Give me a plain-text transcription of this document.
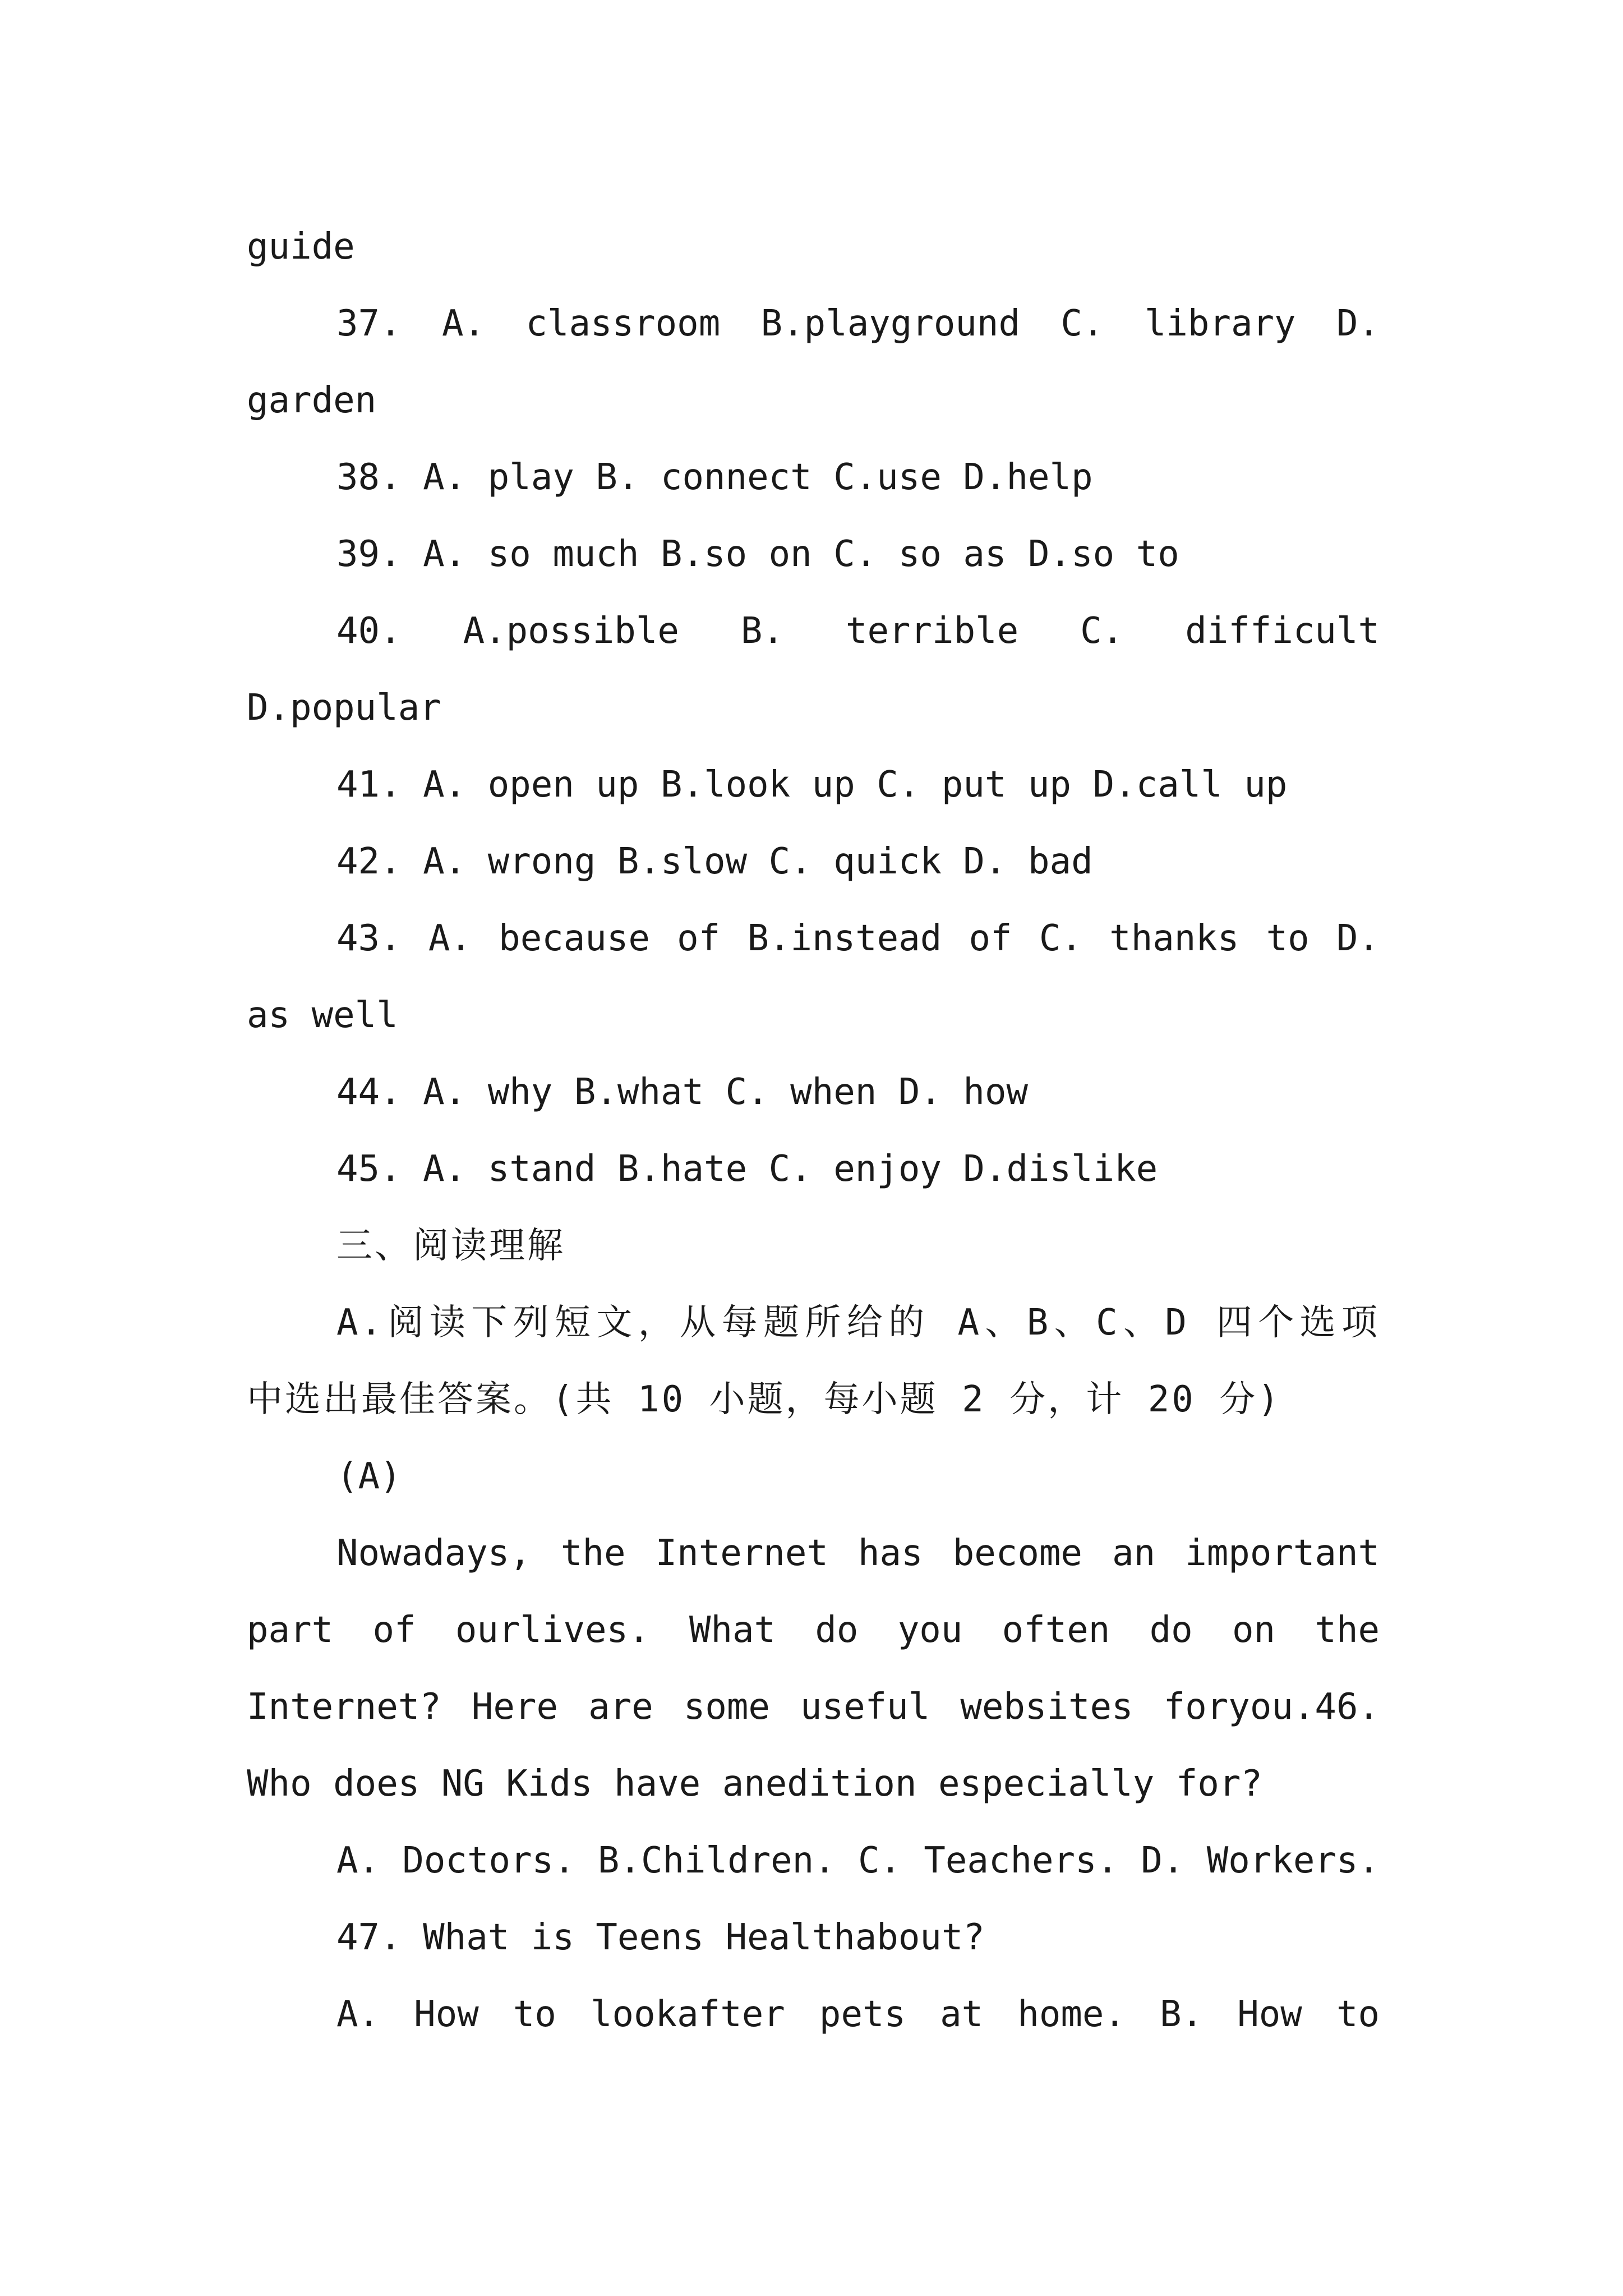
guide
37. A. classroom B.playground C. library D.
garden
38. A. play B. connect C.use D.help
39. A. so much B.so on C. so as D.so to
40. A.possible B. terrible C. difficult
D.popular
41. A. open up B.look up C. put up D.call up
42. A. wrong B.slow C. quick D. bad
43. A. because of B.instead of C. thanks to D.
as well
44. A. why B.what C. when D. how
45. A. stand B.hate C. enjoy D.dislike
三、阅读理解
A.阅读下列短文，从每题所给的 A、B、C、D 四个选项
中选出最佳答案。(共 10 小题，每小题 2 分，计 20 分)
(A)
Nowadays, the Internet has become an important
part of ourlives. What do you often do on the
Internet? Here are some useful websites foryou.46.
Who does NG Kids have anedition especially for?
A. Doctors. B.Children. C. Teachers. D. Workers.
47. What is Teens Healthabout?
A. How to lookafter pets at home. B. How to
